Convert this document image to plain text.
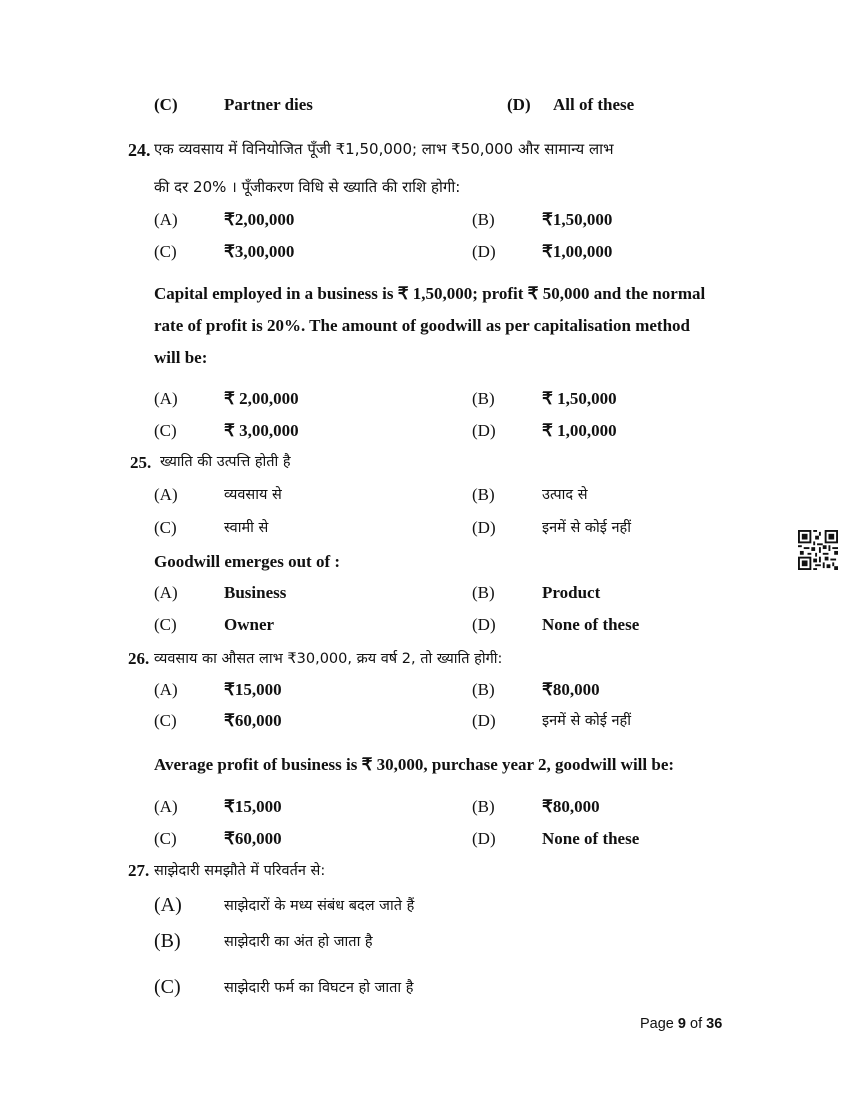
(C)	Partner dies	(D) All of these
24. एक व्यवसाय में विनियोजित पूँजी ₹1,50,000; लाभ ₹50,000 और सामान्य लाभ
की दर 20% । पूँजीकरण विधि से ख्याति की राशि होगी:
(A)	₹2,00,000	(B)	₹1,50,000
(C)	₹3,00,000	(D)	₹1,00,000
Capital employed in a business is ₹ 1,50,000; profit ₹ 50,000 and the normal
rate of profit is 20%. The amount of goodwill as per capitalisation method
will be:
(A)	₹ 2,00,000	(B)	₹ 1,50,000
(C)	₹ 3,00,000	(D)	₹ 1,00,000
25. ख्याति की उत्पत्ति होती है
(A)	व्यवसाय से	(B)	उत्पाद से
(C)	स्वामी से	(D)	इनमें से कोई नहीं
Goodwill emerges out of :
(A)	Business	(B)	Product
(C)	Owner	(D)	None of these
26. व्यवसाय का औसत लाभ ₹30,000, क्रय वर्ष 2, तो ख्याति होगी:
(A)	₹15,000	(B)	₹80,000
(C)	₹60,000	(D)	इनमें से कोई नहीं
Average profit of business is ₹ 30,000, purchase year 2, goodwill will be:
(A)	₹15,000	(B)	₹80,000
(C)	₹60,000	(D)	None of these
27. साझेदारी समझौते में परिवर्तन से:
(A)	साझेदारों के मध्य संबंध बदल जाते हैं
(B)	साझेदारी का अंत हो जाता है
(C)	साझेदारी फर्म का विघटन हो जाता है
Page 9 of 36
